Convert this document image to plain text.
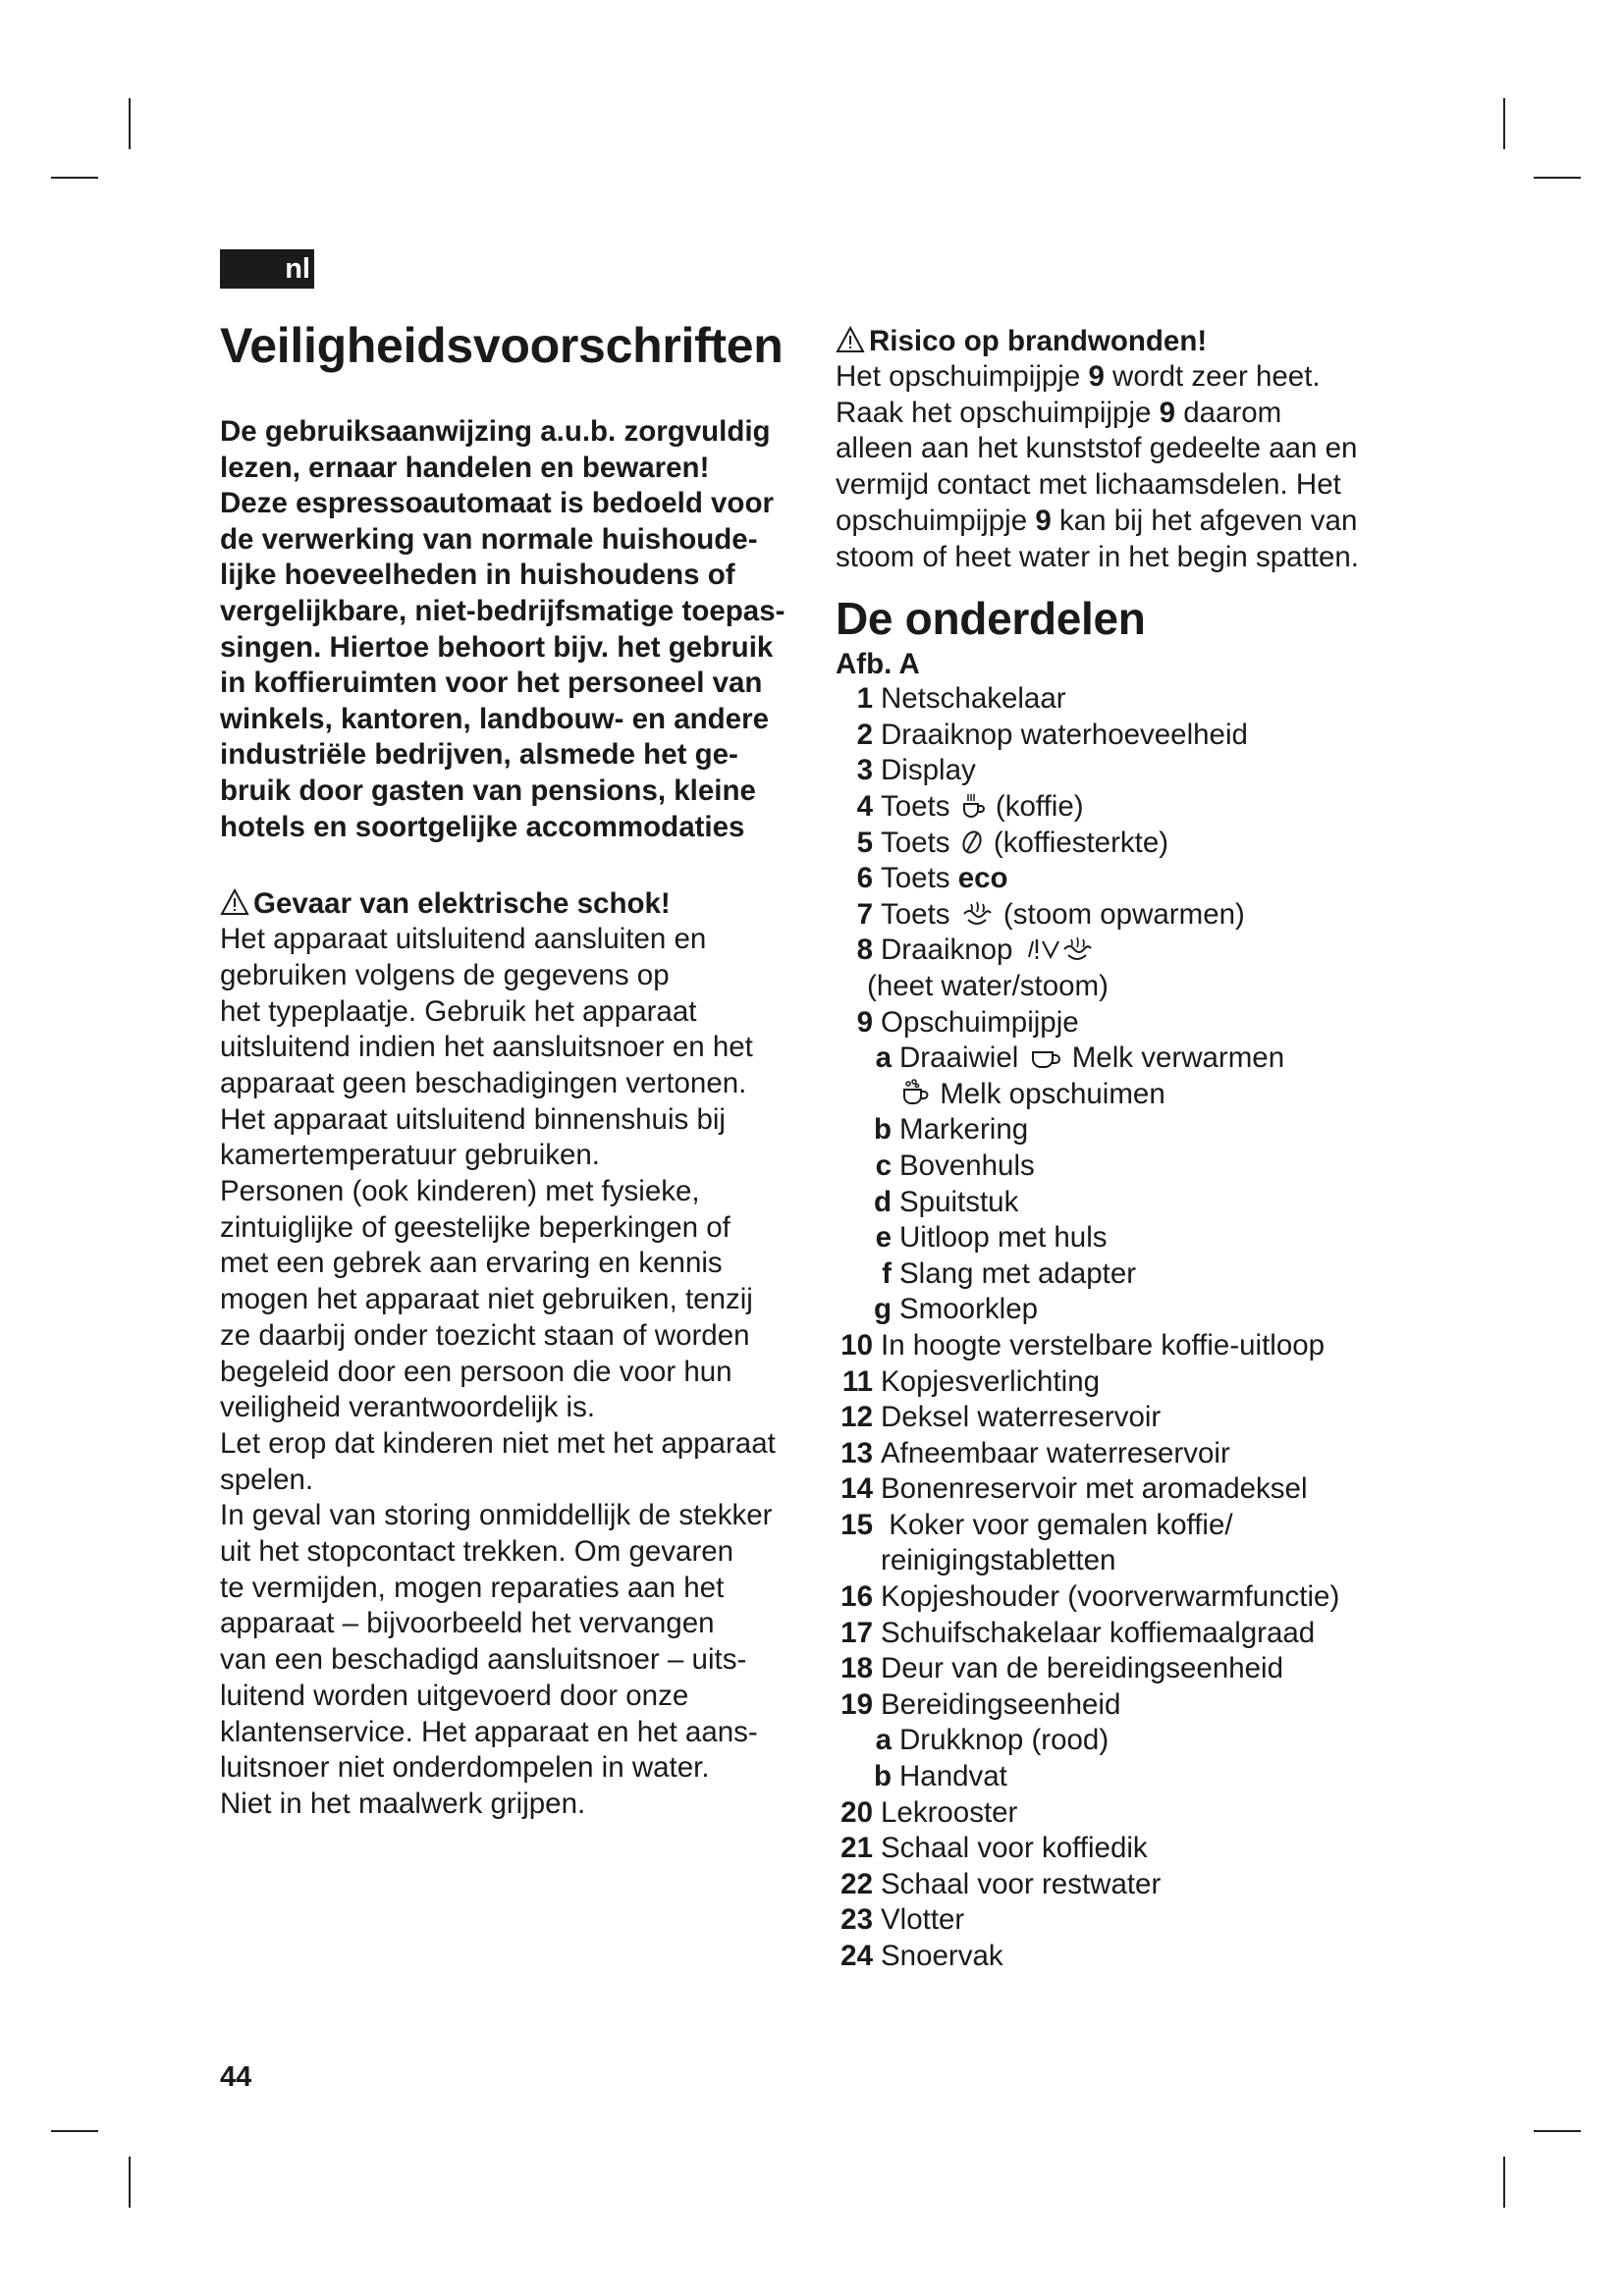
nl
Veiligheidsvoorschriften
De gebruiksaanwijzing a.u.b. zorgvuldig
lezen, ernaar handelen en bewaren!
Deze espressoautomaat is bedoeld voor
de verwerking van normale huishoude-
lijke hoeveelheden in huishoudens of
vergelijkbare, niet-bedrijfsmatige toepas-
singen. Hiertoe behoort bijv. het gebruik
in koffieruimten voor het personeel van
winkels, kantoren, landbouw- en andere
industriële bedrijven, alsmede het ge-
bruik door gasten van pensions, kleine
hotels en soortgelijke accommodaties
Gevaar van elektrische schok!
Het apparaat uitsluitend aansluiten en
gebruiken volgens de gegevens op
het typeplaatje. Gebruik het apparaat
uitsluitend indien het aansluitsnoer en het
apparaat geen beschadigingen vertonen.
Het apparaat uitsluitend binnenshuis bij
kamertemperatuur gebruiken.
Personen (ook kinderen) met fysieke,
zintuiglijke of geestelijke beperkingen of
met een gebrek aan ervaring en kennis
mogen het apparaat niet gebruiken, tenzij
ze daarbij onder toezicht staan of worden
begeleid door een persoon die voor hun
veiligheid verantwoordelijk is.
Let erop dat kinderen niet met het apparaat
spelen.
In geval van storing onmiddellijk de stekker
uit het stopcontact trekken. Om gevaren
te vermijden, mogen reparaties aan het
apparaat – bijvoorbeeld het vervangen
van een beschadigd aansluitsnoer – uits-
luitend worden uitgevoerd door onze
klantenservice. Het apparaat en het aans-
luitsnoer niet onderdompelen in water.
Niet in het maalwerk grijpen.
Risico op brandwonden!
Het opschuimpijpje 9 wordt zeer heet.
Raak het opschuimpijpje 9 daarom
alleen aan het kunststof gedeelte aan en
vermijd contact met lichaamsdelen. Het
opschuimpijpje 9 kan bij het afgeven van
stoom of heet water in het begin spatten.
De onderdelen
Afb. A
1 Netschakelaar
2 Draaiknop waterhoeveelheid
3 Display
4 Toets (koffie)
5 Toets (koffiesterkte)
6 Toets eco
7 Toets (stoom opwarmen)
8 Draaiknop
(heet water/stoom)
9 Opschuimpijpje
a Draaiwiel Melk verwarmen
Melk opschuimen
b Markering
c Bovenhuls
d Spuitstuk
e Uitloop met huls
f Slang met adapter
g Smoorklep
10 In hoogte verstelbare koffie-uitloop
11 Kopjesverlichting
12 Deksel waterreservoir
13 Afneembaar waterreservoir
14 Bonenreservoir met aromadeksel
15 Koker voor gemalen koffie/
reinigingstabletten
16 Kopjeshouder (voorverwarmfunctie)
17 Schuifschakelaar koffiemaalgraad
18 Deur van de bereidingseenheid
19 Bereidingseenheid
a Drukknop (rood)
b Handvat
20 Lekrooster
21 Schaal voor koffiedik
22 Schaal voor restwater
23 Vlotter
24 Snoervak
44
